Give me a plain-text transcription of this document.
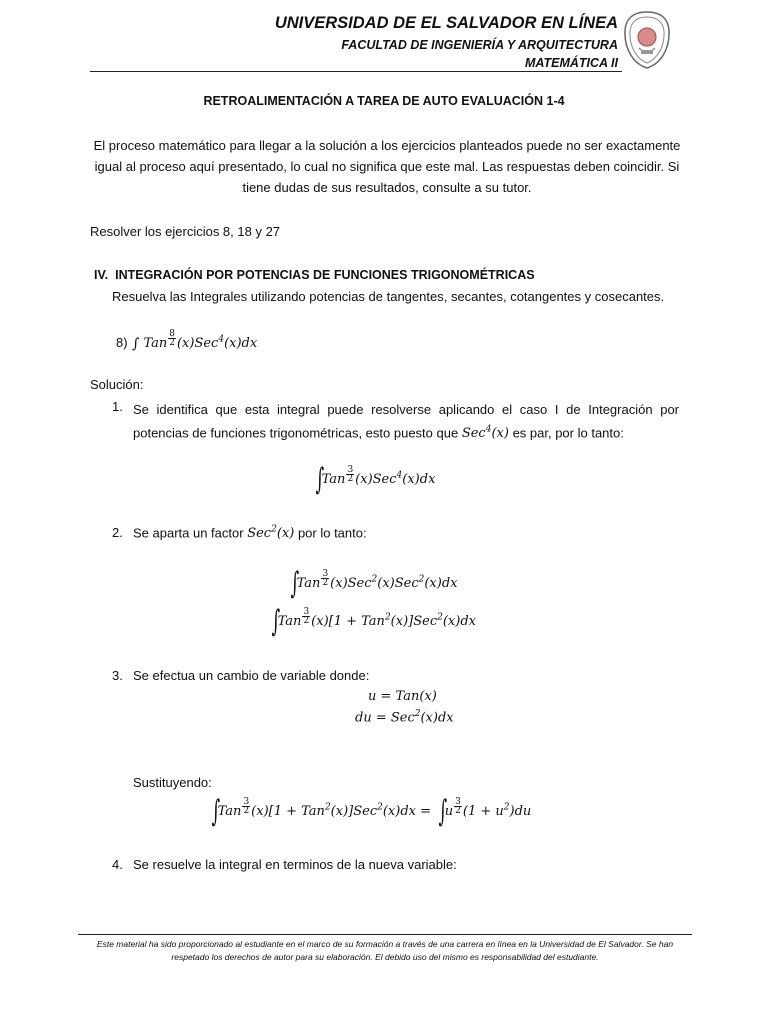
UNIVERSIDAD DE EL SALVADOR EN LÍNEA
FACULTAD DE INGENIERÍA Y ARQUITECTURA
MATEMÁTICA II
RETROALIMENTACIÓN A TAREA DE AUTO EVALUACIÓN 1-4
El proceso matemático para llegar a la solución a los ejercicios planteados puede no ser exactamente igual al proceso aquí presentado, lo cual no significa que este mal. Las respuestas deben coincidir. Si tiene dudas de sus resultados, consulte a su tutor.
Resolver los ejercicios 8, 18 y 27
IV. INTEGRACIÓN POR POTENCIAS DE FUNCIONES TRIGONOMÉTRICAS
Resuelva las Integrales utilizando potencias de tangentes, secantes, cotangentes y cosecantes.
8) ∫ Tan $\frac{8}{2} (x)Sec^4(x)dx$
Solución:
1. Se identifica que esta integral puede resolverse aplicando el caso I de Integración por potencias de funciones trigonométricas, esto puesto que Sec$^4$(x) es par, por lo tanto:
$\int Tan \frac{3}{2} (x)Sec^4(x)dx$
2. Se aparta un factor Sec$^2$(x) por lo tanto:
$\int Tan \frac{3}{2} (x)Sec^2(x)Sec^2(x)dx$
$\int Tan \frac{3}{2} (x)[1 + Tan^2(x)]Sec^2(x)dx$
3. Se efectua un cambio de variable donde:
u = Tan(x)
du = Sec$^2$(x)dx
Sustituyendo:
$\int Tan \frac{3}{2} (x)[1 + Tan^2(x)]Sec^2(x)dx = \int u \frac{3}{2} (1 + u^2)du$
4. Se resuelve la integral en terminos de la nueva variable:
Este material ha sido proporcionado al estudiante en el marco de su formación a través de una carrera en línea en la Universidad de El Salvador. Se han respetado los derechos de autor para su elaboración. El debido uso del mismo es responsabilidad del estudiante.
